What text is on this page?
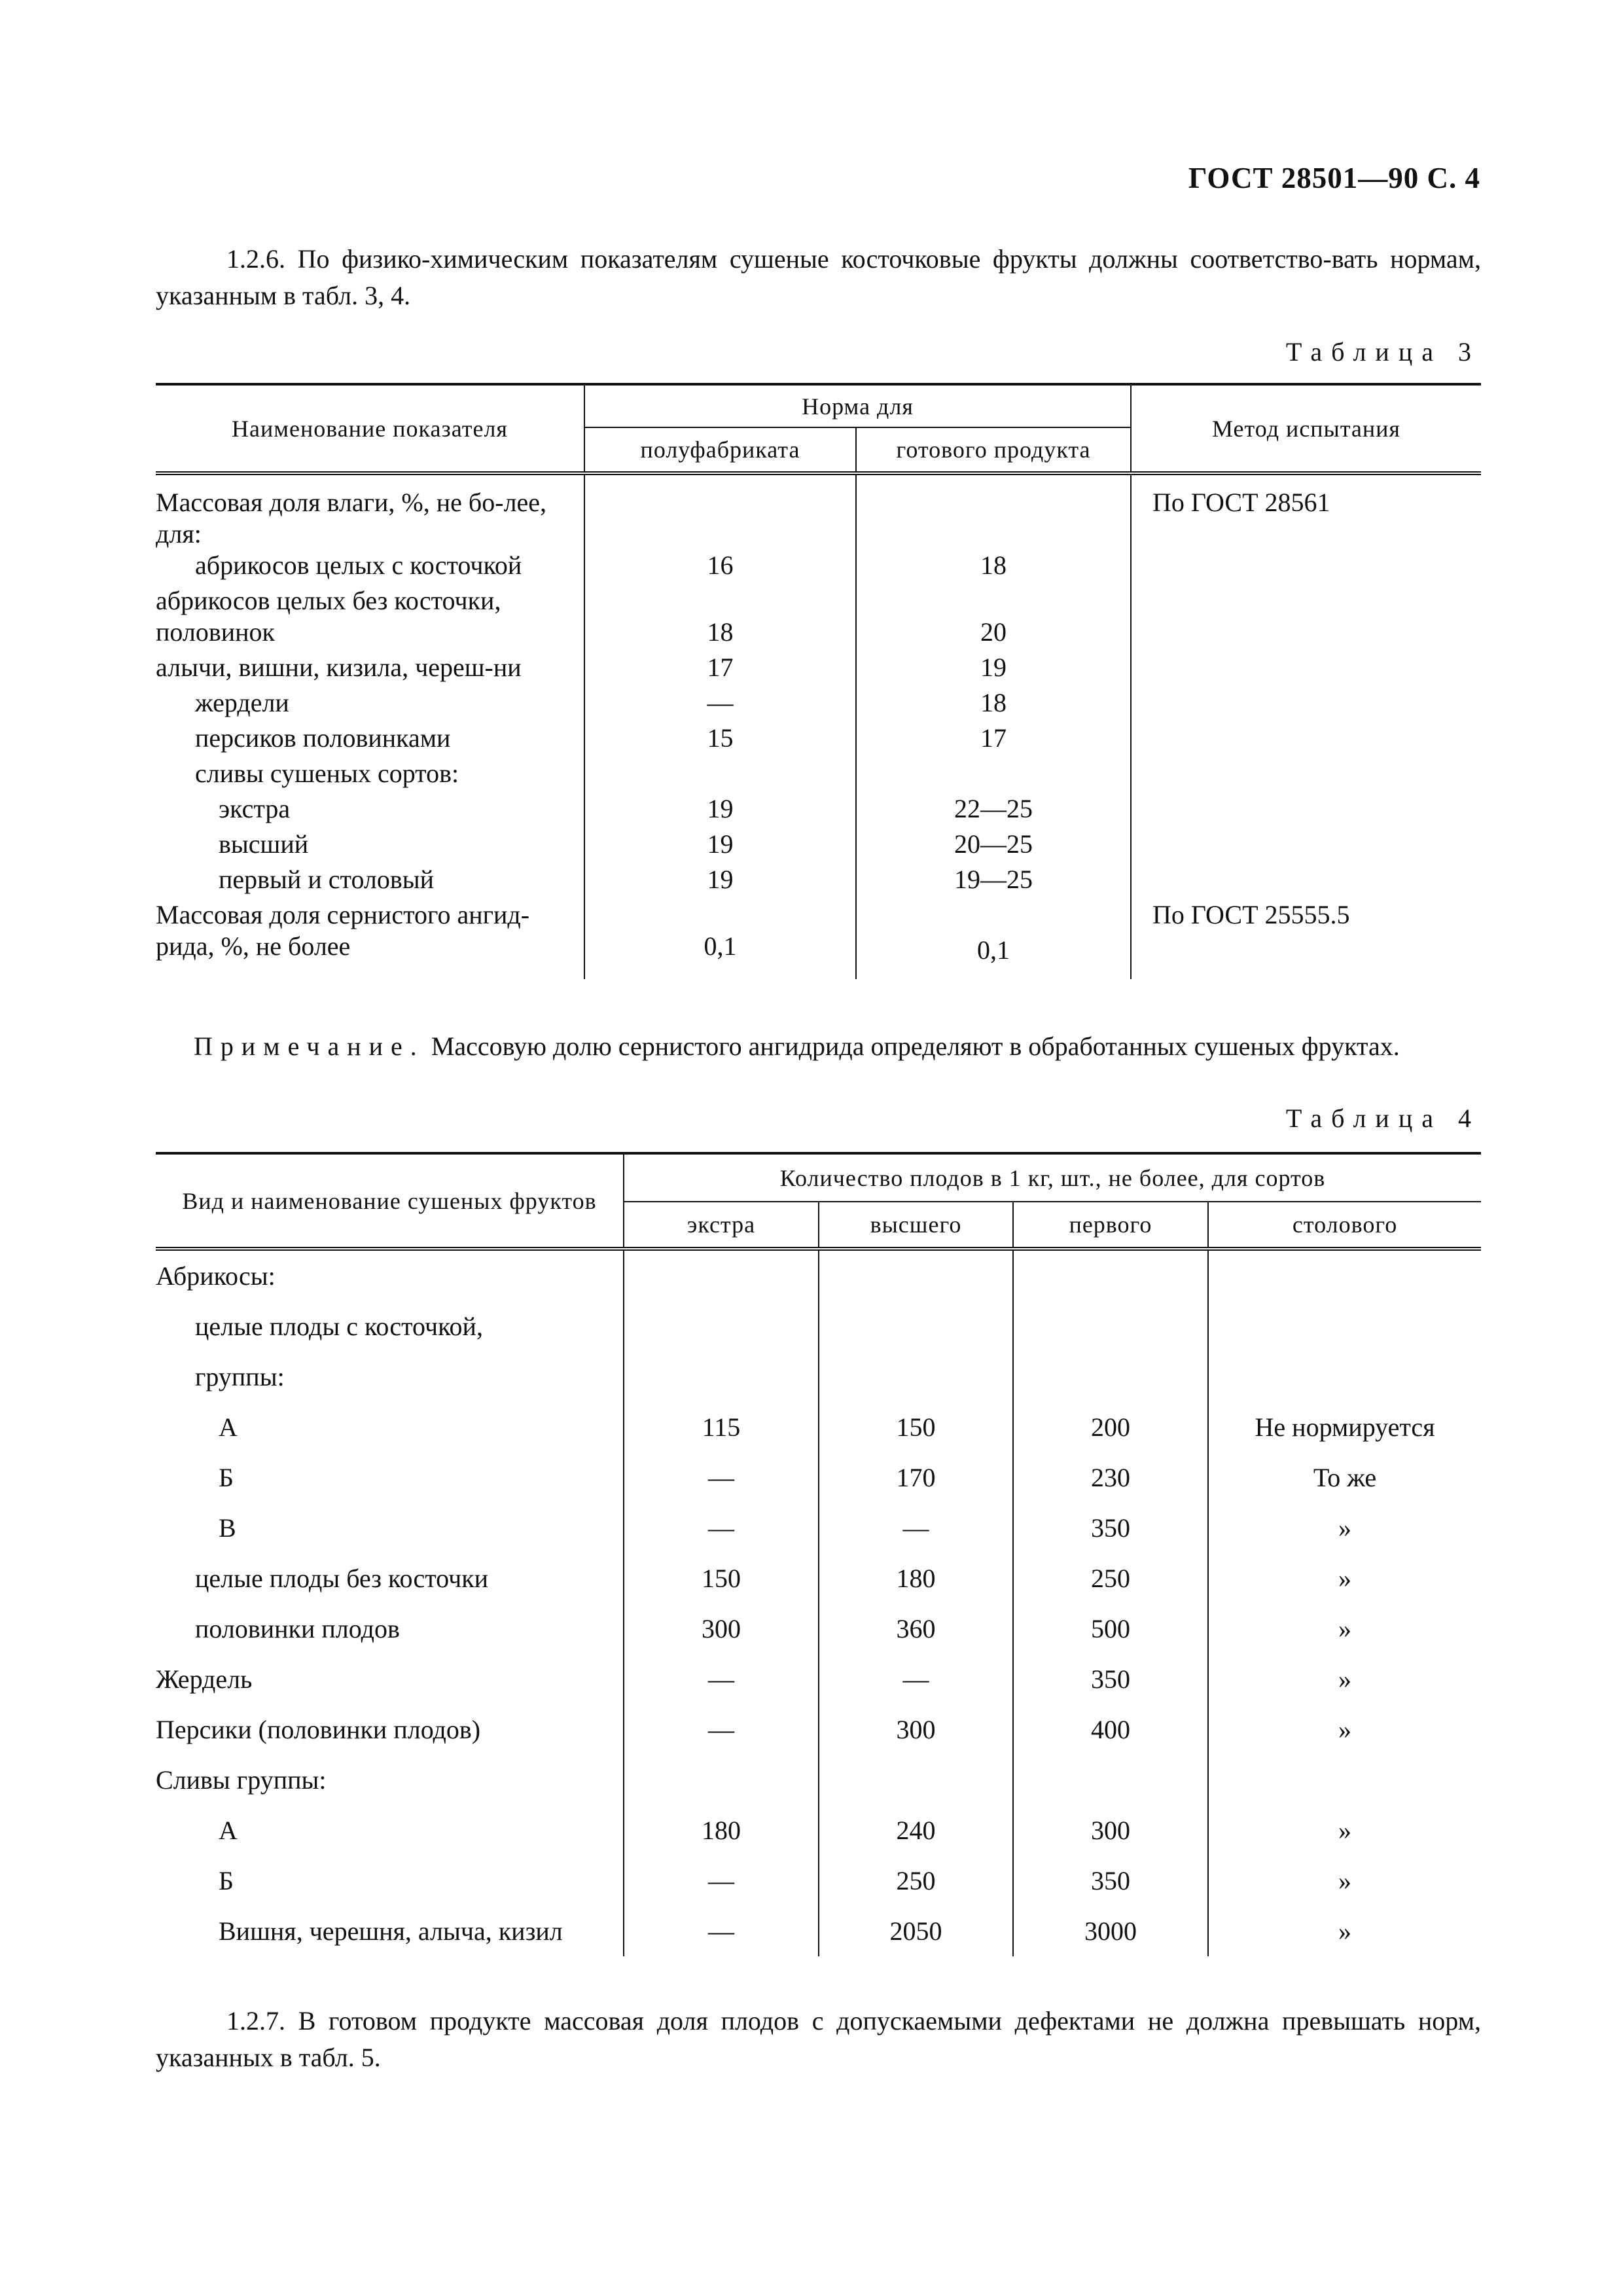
ГОСТ 28501—90 С. 4
1.2.6. По физико-химическим показателям сушеные косточковые фрукты должны соответство-вать нормам, указанным в табл. 3, 4.
Таблица 3
Наименование показателя	Норма для		Метод испытания
	полуфабриката	готового продукта	
Массовая доля влаги, %, не бо-лее, для:			По ГОСТ 28561
абрикосов целых с косточкой	16	18	

абрикосов целых без косточки, половинок	18	20	
алычи, вишни, кизила, череш-ни	17	19	
жердели	—	18	
персиков половинками	15	17	
сливы сушеных сортов:			
экстра	19	22—25	
высший	19	20—25	
первый и столовый	19	19—25	
Массовая доля сернистого ангид-рида, %, не более	0,1	0,1	По ГОСТ 25555.5
Примечание. Массовую долю сернистого ангидрида определяют в обработанных сушеных фруктах.
Таблица 4
Вид и наименование сушеных фруктов	Количество плодов в 1 кг, шт., не более, для сортов			
	экстра	высшего	первого	столового
Абрикосы:				
целые плоды с косточкой,				
группы:				
А	115	150	200	Не нормируется
Б	—	170	230	То же
В	—	—	350	»
целые плоды без косточки	150	180	250	»
половинки плодов	300	360	500	»
Жердель	—	—	350	»
Персики (половинки плодов)	—	300	400	»
Сливы группы:				
А	180	240	300	»
Б	—	250	350	»
Вишня, черешня, алыча, кизил	—	2050	3000	»
1.2.7. В готовом продукте массовая доля плодов с допускаемыми дефектами не должна превышать норм, указанных в табл. 5.
